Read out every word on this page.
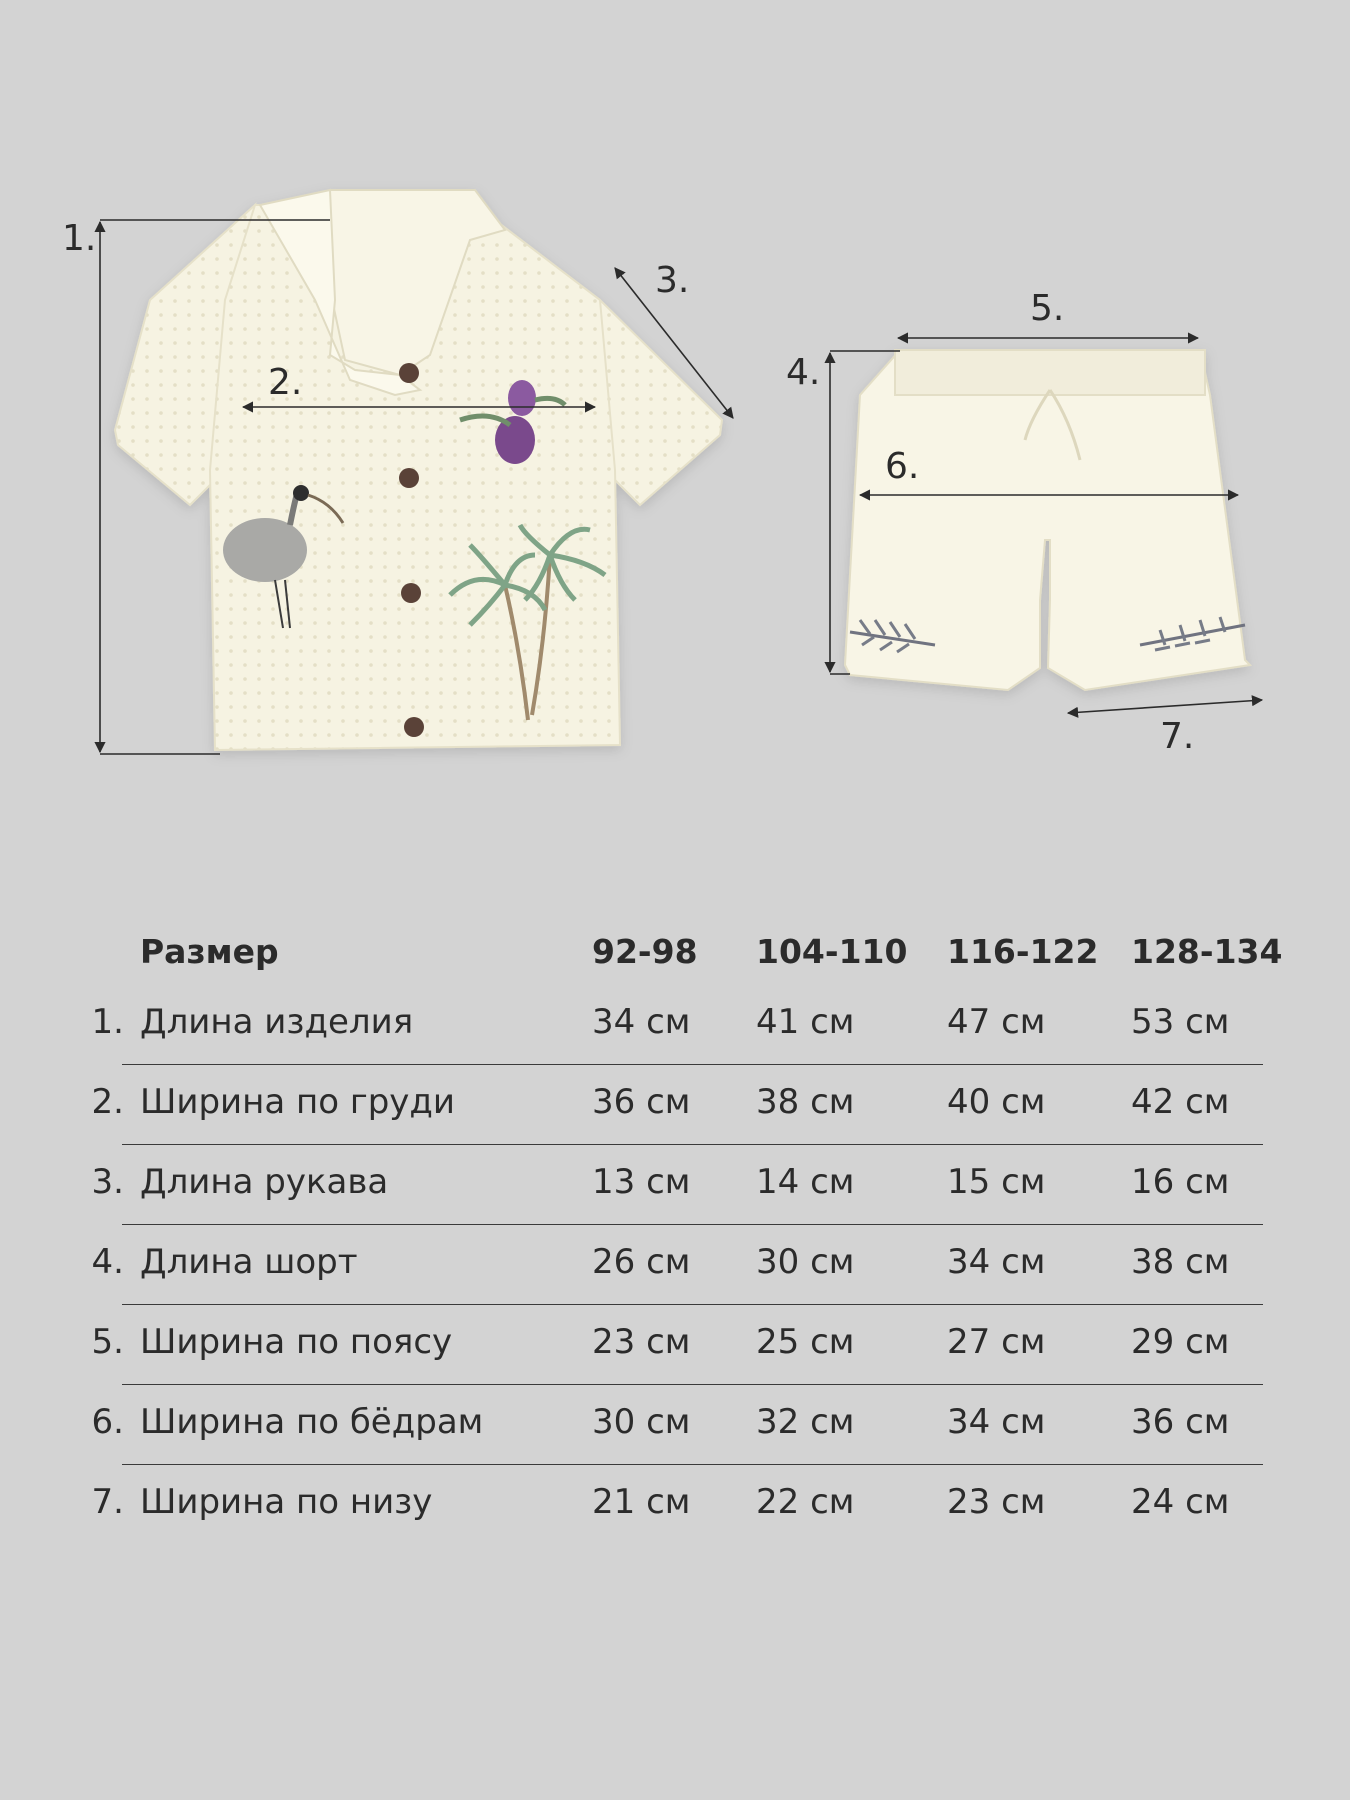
1.
2.
3.
4.
5.
6.
7.
Размер	92-98 104-110 116-122 128-134
1. Длина изделия	34 см 41 см	47 см	53 см
2. Ширина по груди	36 см 38 см	40 см	42 см
3. Длина рукава	13 см 14 см	15 см	16 см
4. Длина шорт	26 см 30 см	34 см	38 см
5. Ширина по поясу	23 см 25 см	27 см	29 см
6. Ширина по бёдрам	30 см 32 см	34 см	36 см
7. Ширина по низу	21 см 22 см	23 см	24 см
